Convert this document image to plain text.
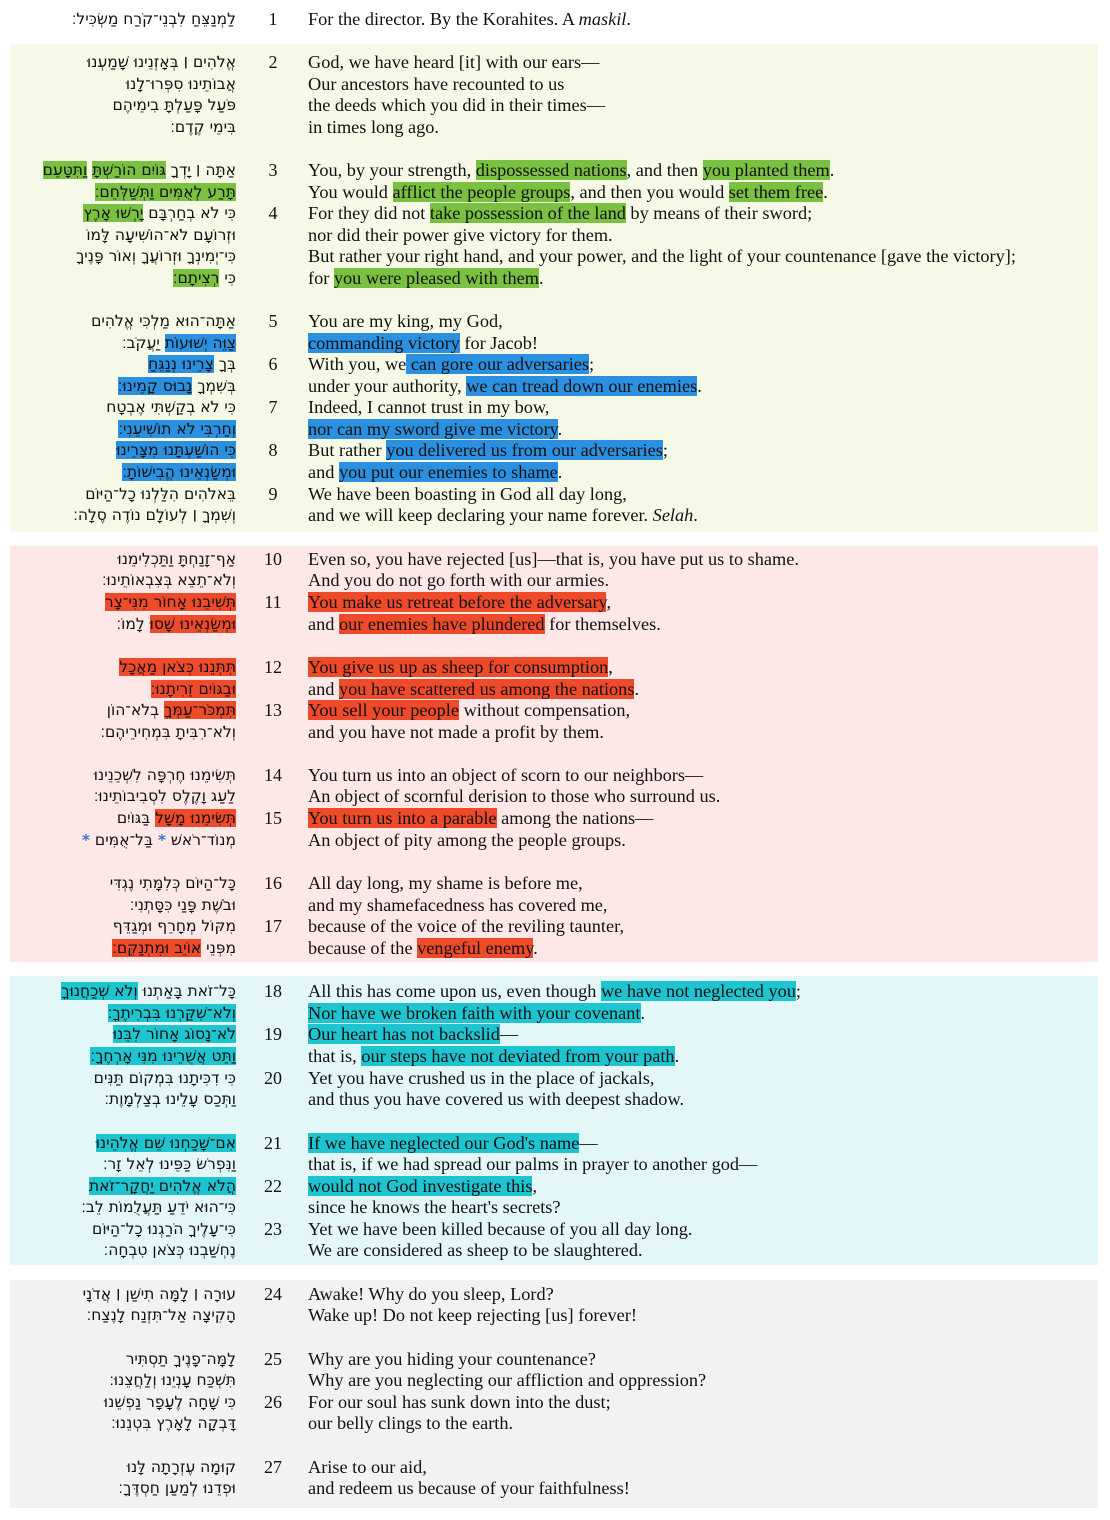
לַמְנַצֵּחַ לִבְנֵי־קֹרַח מַשְׂכִּיל׃	1	For the director. By the Korahites. A maskil.
אֱלֹהִים ׀ בְּאָזְנֵינוּ שָׁמַעְנוּ	2	God, we have heard [it] with our ears—
אֲבוֹתֵינוּ סִפְּרוּ־לָנוּ	Our ancestors have recounted to us
פֹּעַל פָּעַלְתָּ בִימֵיהֶם	the deeds which you did in their times—
בִּימֵי קֶדֶם׃	in times long ago.
אַתָּה ׀ יָדְךָ גּוֹיִם הוֹרַשְׁתָּ וַתִּטָּעֵם	3	You, by your strength, dispossessed nations, and then you planted them.
תָּרַע לְאֻמִּים וַתְּשַׁלְּחֵם׃	You would afflict the people groups, and then you would set them free.
כִּי לֹא בְחַרְבָּם יָרְשׁוּ אָרֶץ	4	For they did not take possession of the land by means of their sword;
וּזְרוֹעָם לֹא־הוֹשִׁיעָה לָּמוֹ	nor did their power give victory for them.
כִּי־יְמִינְךָ וּזְרוֹעֲךָ וְאוֹר פָּנֶיךָ	But rather your right hand, and your power, and the light of your countenance [gave the victory];
כִּי רְצִיתָם׃	for you were pleased with them.
אַתָּה־הוּא מַלְכִּי אֱלֹהִים	5	You are my king, my God,
צַוֵּה יְשׁוּעוֹת יַעֲקֹב׃	commanding victory for Jacob!
בְּךָ צָרֵינוּ נְנַגֵּחַ	6	With you, we can gore our adversaries;
בְּשִׁמְךָ נָבוּס קָמֵינוּ׃	under your authority, we can tread down our enemies.
כִּי לֹא בְקַשְׁתִּי אֶבְטָח	7	Indeed, I cannot trust in my bow,
וְחַרְבִּי לֹא תוֹשִׁיעֵנִי׃	nor can my sword give me victory.
כִּי הוֹשַׁעְתָּנוּ מִצָּרֵינוּ	8	But rather you delivered us from our adversaries;
וּמְשַׂנְאֵינוּ הֱבִישׁוֹתָ׃	and you put our enemies to shame.
בֵּאלֹהִים הִלַּלְנוּ כָל־הַיּוֹם	9	We have been boasting in God all day long,
וְשִׁמְךָ ׀ לְעוֹלָם נוֹדֶה סֶלָה׃	and we will keep declaring your name forever. Selah.
אַף־זָנַחְתָּ וַתַּכְלִימֵנוּ	10	Even so, you have rejected [us]—that is, you have put us to shame.
וְלֹא־תֵצֵא בְּצִבְאוֹתֵינוּ׃	And you do not go forth with our armies.
תְּשִׁיבֵנוּ אָחוֹר מִנִּי־צָר	11	You make us retreat before the adversary,
וּמְשַׂנְאֵינוּ שָׁסוּ לָמוֹ׃	and our enemies have plundered for themselves.
תִּתְּנֵנוּ כְּצֹאן מַאֲכָל	12	You give us up as sheep for consumption,
וּבַגּוֹיִם זֵרִיתָנוּ׃	and you have scattered us among the nations.
תִּמְכֹּר־עַמְּךָ בְלֹא־הוֹן	13	You sell your people without compensation,
וְלֹא־רִבִּיתָ בִּמְחִירֵיהֶם׃	and you have not made a profit by them.
תְּשִׂימֵנוּ חֶרְפָּה לִשְׁכֵנֵינוּ	14	You turn us into an object of scorn to our neighbors—
לַעַג וָקֶלֶס לִסְבִיבוֹתֵינוּ׃	An object of scornful derision to those who surround us.
תְּשִׂימֵנוּ מָשָׁל בַּגּוֹיִם	15	You turn us into a parable among the nations—
מְנוֹד־רֹאשׁ * בַּל־אֻמִּים *	An object of pity among the people groups.
כָּל־הַיּוֹם כְּלִמָּתִי נֶגְדִּי	16	All day long, my shame is before me,
וּבֹשֶׁת פָּנַי כִּסָּתְנִי׃	and my shamefacedness has covered me,
מִקּוֹל מְחָרֵף וּמְגַדֵּף	17	because of the voice of the reviling taunter,
מִפְּנֵי אוֹיֵב וּמִתְנַקֵּם׃	because of the vengeful enemy.
כָּל־זֹאת בָּאַתְנוּ וְלֹא שְׁכַחֲנוּךָ	18	All this has come upon us, even though we have not neglected you;
וְלֹא־שִׁקַּרְנוּ בִּבְרִיתֶךָ׃	Nor have we broken faith with your covenant.
לֹא־נָסוֹג אָחוֹר לִבֵּנוּ	19	Our heart has not backslid—
וַתֵּט אֲשֻׁרֵינוּ מִנִּי אָרְחֶךָ׃	that is, our steps have not deviated from your path.
כִּי דִכִּיתָנוּ בִּמְקוֹם תַּנִּים	20	Yet you have crushed us in the place of jackals,
וַתְּכַס עָלֵינוּ בְצַלְמָוֶת׃	and thus you have covered us with deepest shadow.
אִם־שָׁכַחְנוּ שֵׁם אֱלֹהֵינוּ	21	If we have neglected our God's name—
וַנִּפְרֹשׂ כַּפֵּינוּ לְאֵל זָר׃	that is, if we had spread our palms in prayer to another god—
הֲלֹא אֱלֹהִים יַחֲקָר־זֹאת	22	would not God investigate this,
כִּי־הוּא יֹדֵעַ תַּעֲלֻמוֹת לֵב׃	since he knows the heart's secrets?
כִּי־עָלֶיךָ הֹרַגְנוּ כָל־הַיּוֹם	23	Yet we have been killed because of you all day long.
נֶחְשַׁבְנוּ כְּצֹאן טִבְחָה׃	We are considered as sheep to be slaughtered.
עוּרָה ׀ לָמָּה תִישַׁן ׀ אֲדֹנָי	24	Awake! Why do you sleep, Lord?
הָקִיצָה אַל־תִּזְנַח לָנֶצַח׃	Wake up! Do not keep rejecting [us] forever!
לָמָּה־פָנֶיךָ תַסְתִּיר	25	Why are you hiding your countenance?
תִּשְׁכַּח עָנְיֵנוּ וְלַחֲצֵנוּ׃	Why are you neglecting our affliction and oppression?
כִּי שָׁחָה לֶעָפָר נַפְשֵׁנוּ	26	For our soul has sunk down into the dust;
דָּבְקָה לָאָרֶץ בִּטְנֵנוּ׃	our belly clings to the earth.
קוּמָה עֶזְרָתָה לָּנוּ	27	Arise to our aid,
וּפְדֵנוּ לְמַעַן חַסְדֶּךָ׃	and redeem us because of your faithfulness!
